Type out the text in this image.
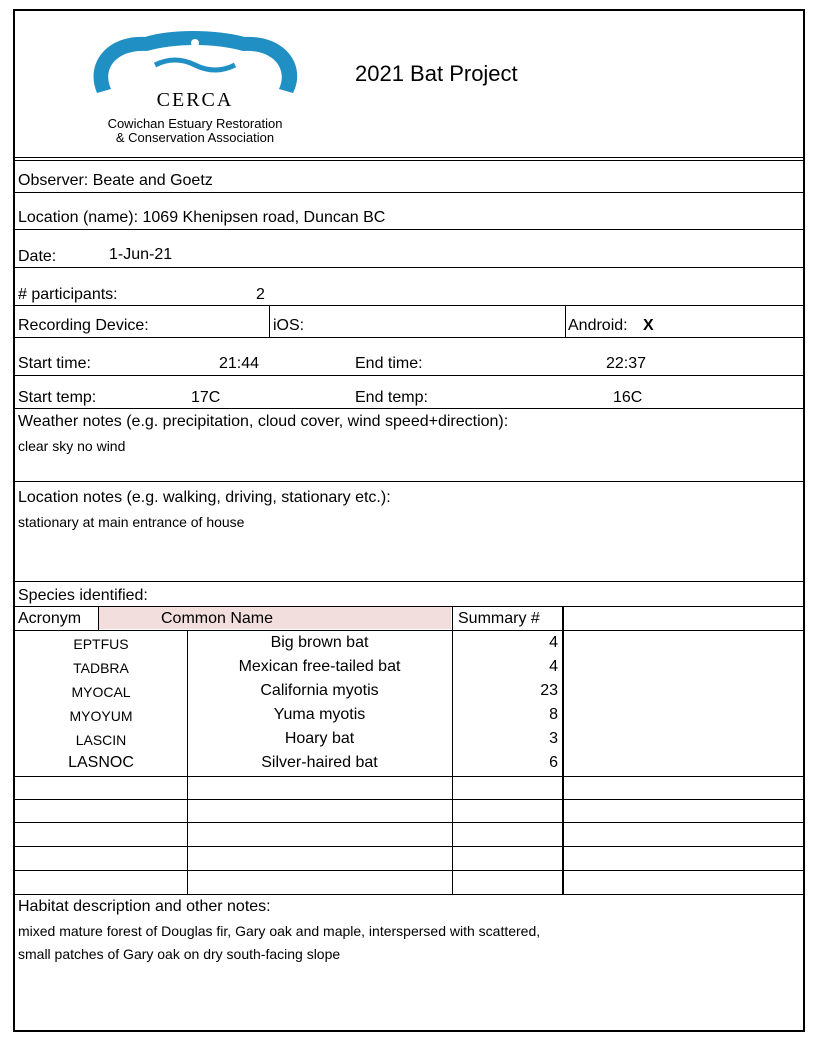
CERCA
Cowichan Estuary Restoration
& Conservation Association
2021 Bat Project
Observer: Beate and Goetz
Location (name): 1069 Khenipsen road, Duncan BC
Date:	1-Jun-21
# participants:	2
Recording Device:	iOS:	Android: X
Start time:	21:44	End time:	22:37
Start temp:	17C	End temp:	16C
Weather notes (e.g. precipitation, cloud cover, wind speed+direction):
clear sky no wind
Location notes (e.g. walking, driving, stationary etc.):
stationary at main entrance of house
Species identified:
Acronym	Common Name	Summary #
EPTFUS	Big brown bat	4
TADBRA	Mexican free-tailed bat	4
MYOCAL	California myotis	23
MYOYUM	Yuma myotis	8
LASCIN	Hoary bat	3
LASNOC	Silver-haired bat	6
Habitat description and other notes:
mixed mature forest of Douglas fir, Gary oak and maple, interspersed with scattered,
small patches of Gary oak on dry south-facing slope
